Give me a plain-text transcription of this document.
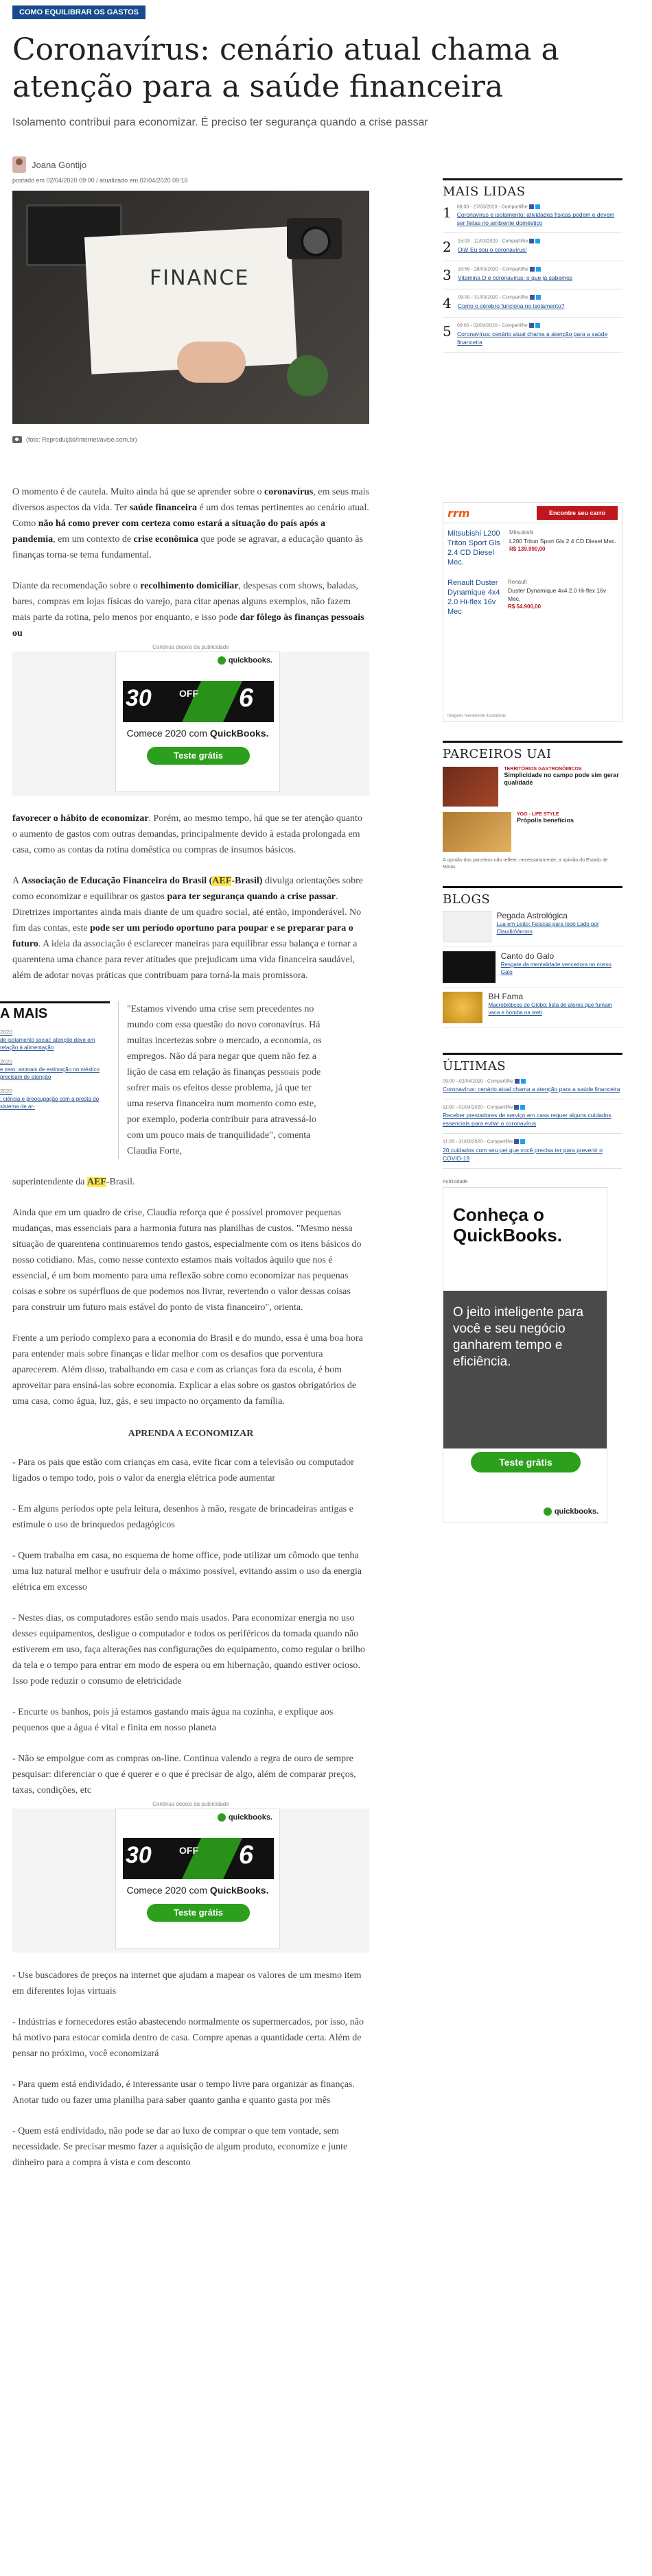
COMO EQUILIBRAR OS GASTOS
Coronavírus: cenário atual chama a atenção para a saúde financeira
Isolamento contribui para economizar. É preciso ter segurança quando a crise passar
Joana Gontijo
postado em 02/04/2020 09:00 / atualizado em 02/04/2020 09:16
FINANCE
(foto: Reprodução/Internet/avise.com.br)

O momento é de cautela. Muito ainda há que se aprender sobre o coronavírus, em seus mais diversos aspectos da vida. Ter saúde financeira é um dos temas pertinentes ao cenário atual. Como não há como prever com certeza como estará a situação do país após a pandemia, em um contexto de crise econômica que pode se agravar, a educação quanto às finanças torna-se tema fundamental.

Diante da recomendação sobre o recolhimento domiciliar, despesas com shows, baladas, bares, compras em lojas físicas do varejo, para citar apenas alguns exemplos, não fazem mais parte da rotina, pelo menos por enquanto, e isso pode dar fôlego às finanças pessoais ou

Continua depois da publicidade
quickbooks.
30	OFF 6
Comece 2020 com QuickBooks.
Teste grátis

favorecer o hábito de economizar. Porém, ao mesmo tempo, há que se ter atenção quanto o aumento de gastos com outras demandas, principalmente devido à estada prolongada em casa, como as contas da rotina doméstica ou compras de insumos básicos.

A Associação de Educação Financeira do Brasil (AEF-Brasil) divulga orientações sobre como economizar e equilibrar os gastos para ter segurança quando a crise passar. Diretrizes importantes ainda mais diante de um quadro social, até então, imponderável. No fim das contas, este pode ser um período oportuno para poupar e se preparar para o futuro. A ideia da associação é esclarecer maneiras para equilibrar essa balança e tornar a quarentena uma chance para rever atitudes que prejudicam uma vida financeira saudável, além de adotar novas práticas que contribuam para torná-la mais promissora.

A MAIS
2020
de isolamento social: atenção deve em relação à alimentação
2020
e zero: animais de estimação no ntéstico precisam de atenção
2020
: ciência e preocupação com a presta do sistema de ar-
"Estamos vivendo uma crise sem precedentes no mundo com essa questão do novo coronavírus. Há muitas incertezas sobre o mercado, a economia, os empregos. Não dá para negar que quem não fez a lição de casa em relação às finanças pessoais pode sofrer mais os efeitos desse problema, já que ter uma reserva financeira num momento como este, por exemplo, poderia contribuir para atravessá-lo com um pouco mais de tranquilidade", comenta Claudia Forte,

superintendente da AEF-Brasil.

Ainda que em um quadro de crise, Claudia reforça que é possível promover pequenas mudanças, mas essenciais para a harmonia futura nas planilhas de custos. "Mesmo nessa situação de quarentena continuaremos tendo gastos, especialmente com os itens básicos do nosso cotidiano. Mas, como nesse contexto estamos mais voltados àquilo que nos é essencial, é um bom momento para uma reflexão sobre como economizar nas pequenas coisas e sobre os supérfluos de que podemos nos livrar, revertendo o valor dessas coisas para construir um futuro mais estável do ponto de vista financeiro", orienta.

Frente a um período complexo para a economia do Brasil e do mundo, essa é uma boa hora para entender mais sobre finanças e lidar melhor com os desafios que porventura aparecerem. Além disso, trabalhando em casa e com as crianças fora da escola, é bom aproveitar para ensiná-las sobre economia. Explicar a elas sobre os gastos obrigatórios de uma casa, como água, luz, gás, e seu impacto no orçamento da família.

APRENDA A ECONOMIZAR

- Para os pais que estão com crianças em casa, evite ficar com a televisão ou computador ligados o tempo todo, pois o valor da energia elétrica pode aumentar

- Em alguns períodos opte pela leitura, desenhos à mão, resgate de brincadeiras antigas e estimule o uso de brinquedos pedagógicos

- Quem trabalha em casa, no esquema de home office, pode utilizar um cômodo que tenha uma luz natural melhor e usufruir dela o máximo possível, evitando assim o uso da energia elétrica em excesso

- Nestes dias, os computadores estão sendo mais usados. Para economizar energia no uso desses equipamentos, desligue o computador e todos os periféricos da tomada quando não estiverem em uso, faça alterações nas configurações do equipamento, como regular o brilho da tela e o tempo para entrar em modo de espera ou em hibernação, quando estiver ocioso. Isso pode reduzir o consumo de eletricidade

- Encurte os banhos, pois já estamos gastando mais água na cozinha, e explique aos pequenos que a água é vital e finita em nosso planeta

- Não se empolgue com as compras on-line. Continua valendo a regra de ouro de sempre pesquisar: diferenciar o que é querer e o que é precisar de algo, além de comparar preços, taxas, condições, etc

Continua depois da publicidade
quickbooks.
30	OFF 6
Comece 2020 com QuickBooks.
Teste grátis

- Use buscadores de preços na internet que ajudam a mapear os valores de um mesmo item em diferentes lojas virtuais

- Indústrias e fornecedores estão abastecendo normalmente os supermercados, por isso, não há motivo para estocar comida dentro de casa. Compre apenas a quantidade certa. Além de pensar no próximo, você economizará

- Para quem está endividado, é interessante usar o tempo livre para organizar as finanças. Anotar tudo ou fazer uma planilha para saber quanto ganha e quanto gasta por mês

- Quem está endividado, não pode se dar ao luxo de comprar o que tem vontade, sem necessidade. Se precisar mesmo fazer a aquisição de algum produto, economize e junte dinheiro para a compra à vista e com desconto

MAIS LIDAS
1 08:30 - 27/03/2020 - Compartilhe
Coronavírus e isolamento: atividades físicas podem e devem ser feitas no ambiente doméstico
2 15:03 - 11/03/2020 - Compartilhe
Olá! Eu sou o coronavírus!
3 16:59 - 28/03/2020 - Compartilhe
Vitamina D e coronavírus: o que já sabemos
4 09:00 - 31/03/2020 - Compartilhe
Como o cérebro funciona no isolamento?
5 09:00 - 02/04/2020 - Compartilhe
Coronavírus: cenário atual chama a atenção para a saúde financeira
rrm	Encontre seu carro
Mitsubishi L200 Triton Sport Gls 2.4 CD Diesel Mec.
Mitsubishi
L200 Triton Sport Gls 2.4 CD Diesel Mec.
R$ 139.990,00
Renault Duster Dynamique 4x4 2.0 Hi-flex 16v Mec
Renault
Duster Dynamique 4x4 2.0 Hi-flex 16v Mec.
R$ 54.900,00
Imagens meramente ilustrativas
PARCEIROS UAI
TERRITÓRIOS GASTRONÔMICOS
Simplicidade no campo pode sim gerar qualidade
YOO - LIFE STYLE
Própolis benefícios
A opinião dos parceiros não reflete, necessariamente, a opinião do Estado de Minas.
BLOGS
Pegada Astrológica
Lua em Leão: Faíscas para todo Lado por ClaudioVaronn
Canto do Galo
Resgate da mentalidade vencedora no nosso Galo
BH Fama
Macrobióticos do Globo: lista de atores que fumam vaca e bomba na web
ÚLTIMAS
09:00 - 02/04/2020 - Compartilhe
Coronavírus: cenário atual chama a atenção para a saúde financeira
11:00 - 01/04/2020 - Compartilhe
Receber prestadores de serviço em casa requer alguns cuidados essenciais para evitar o coronavírus
11:28 - 31/03/2020 - Compartilhe
20 cuidados com seu pet que você precisa ter para prevenir o COVID-19
Publicidade
Conheça o QuickBooks.
O jeito inteligente para você e seu negócio ganharem tempo e eficiência.
Teste grátis
quickbooks.
